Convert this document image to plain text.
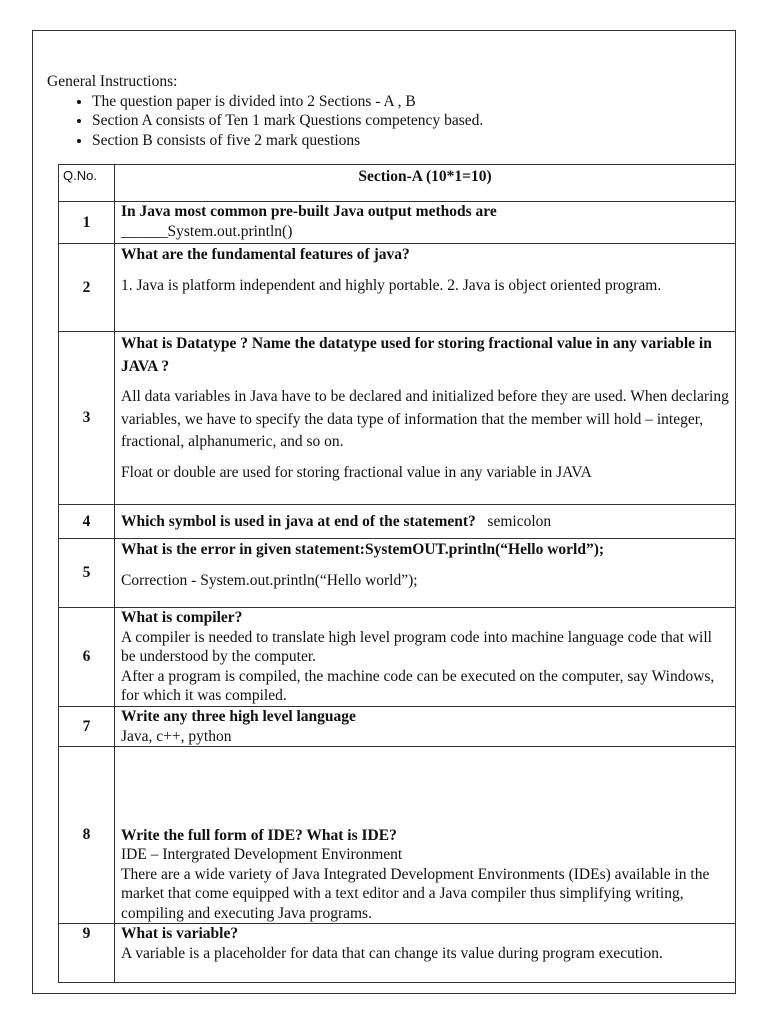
General Instructions:
• The question paper is divided into 2 Sections - A , B
• Section A consists of Ten 1 mark Questions competency based.
• Section B consists of five 2 mark questions
Q.No.	Section-A (10*1=10)
1	In Java most common pre-built Java output methods are
______System.out.println()

2	What are the fundamental features of java?
1. Java is platform independent and highly portable. 2. Java is object oriented program.

3	What is Datatype ? Name the datatype used for storing fractional value in any variable in JAVA ?
All data variables in Java have to be declared and initialized before they are used. When declaring variables, we have to specify the data type of information that the member will hold – integer, fractional, alphanumeric, and so on.
Float or double are used for storing fractional value in any variable in JAVA

4	Which symbol is used in java at end of the statement? semicolon
5	What is the error in given statement:SystemOUT.println(“Hello world”);
Correction - System.out.println(“Hello world”);

6	What is compiler?
A compiler is needed to translate high level program code into machine language code that will be understood by the computer.
After a program is compiled, the machine code can be executed on the computer, say Windows, for which it was compiled.

7	Write any three high level language
Java, c++, python

8	Write the full form of IDE? What is IDE?
IDE – Intergrated Development Environment
There are a wide variety of Java Integrated Development Environments (IDEs) available in the market that come equipped with a text editor and a Java compiler thus simplifying writing, compiling and executing Java programs.

9	What is variable?
A variable is a placeholder for data that can change its value during program execution.
